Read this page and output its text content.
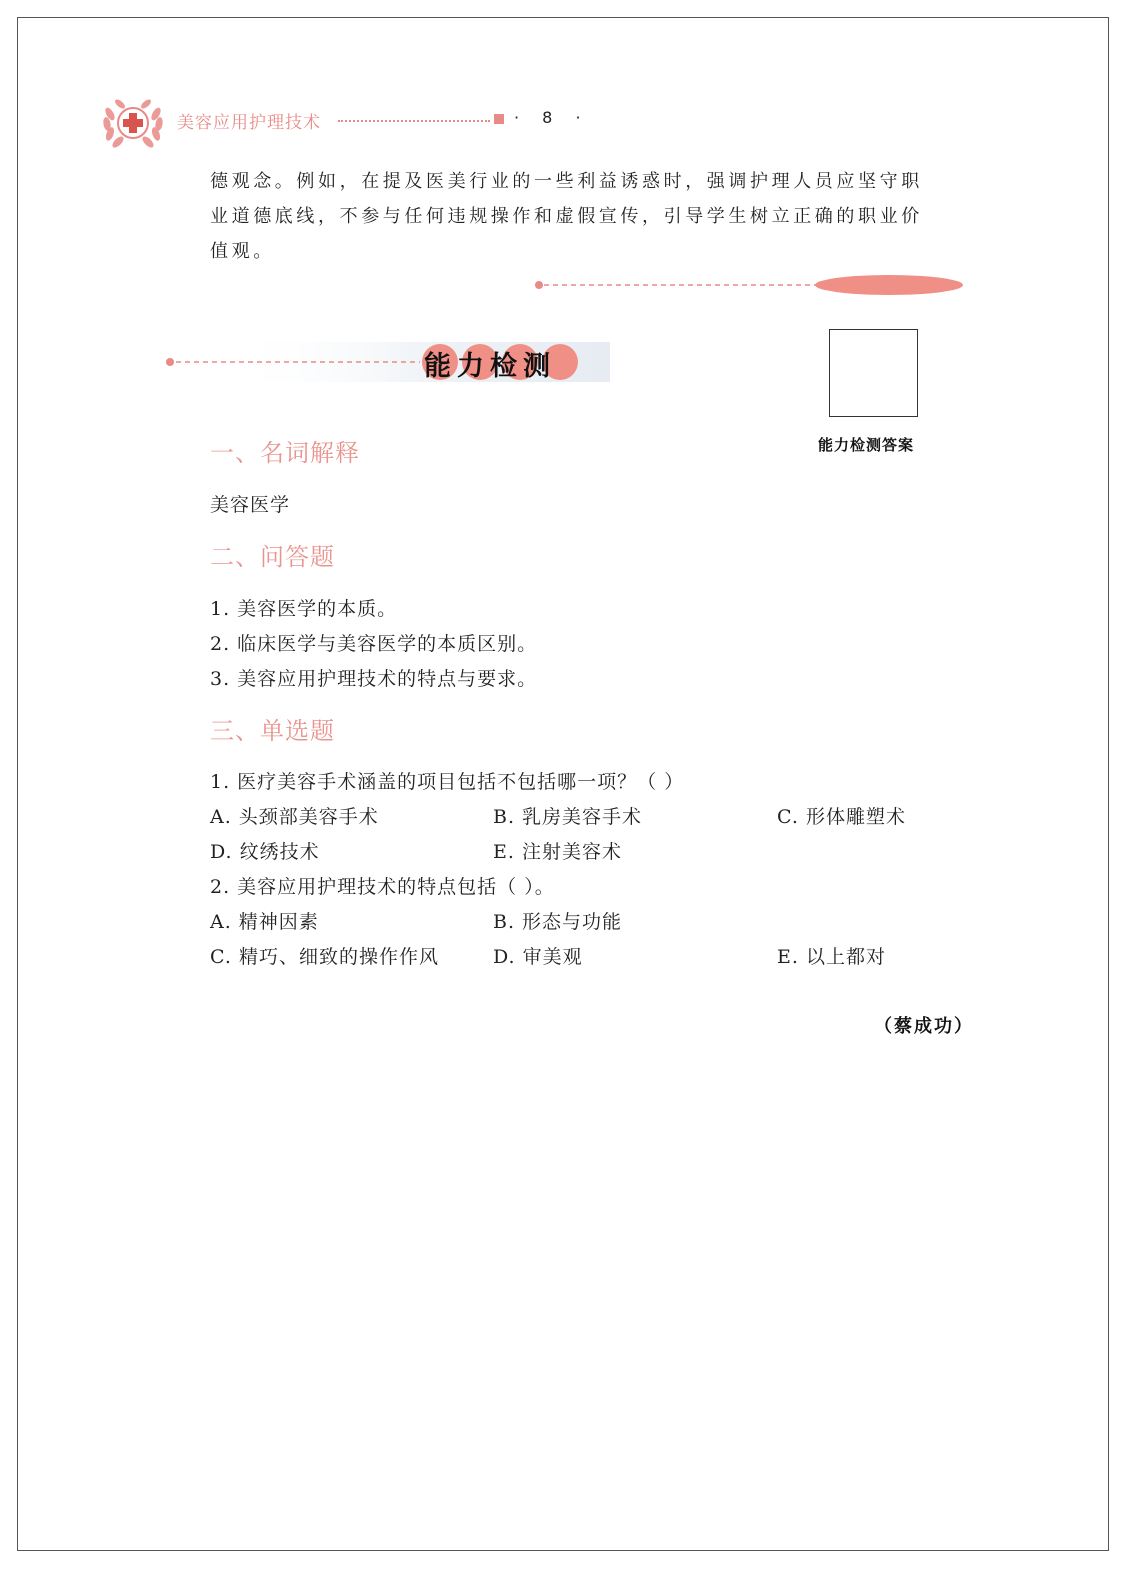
美容应用护理技术	· 8 ·
德观念。例如，在提及医美行业的一些利益诱惑时，强调护理人员应坚守职
业道德底线，不参与任何违规操作和虚假宣传，引导学生树立正确的职业价
值观。
能力检测
能力检测答案
一、名词解释
美容医学
二、问答题
1. 美容医学的本质。
2. 临床医学与美容医学的本质区别。
3. 美容应用护理技术的特点与要求。
三、单选题
1. 医疗美容手术涵盖的项目包括不包括哪一项？（ ）
A. 头颈部美容手术	B. 乳房美容手术	C. 形体雕塑术
D. 纹绣技术	E. 注射美容术
2. 美容应用护理技术的特点包括（ ）。
A. 精神因素	B. 形态与功能
C. 精巧、细致的操作作风	D. 审美观	E. 以上都对
（蔡成功）
